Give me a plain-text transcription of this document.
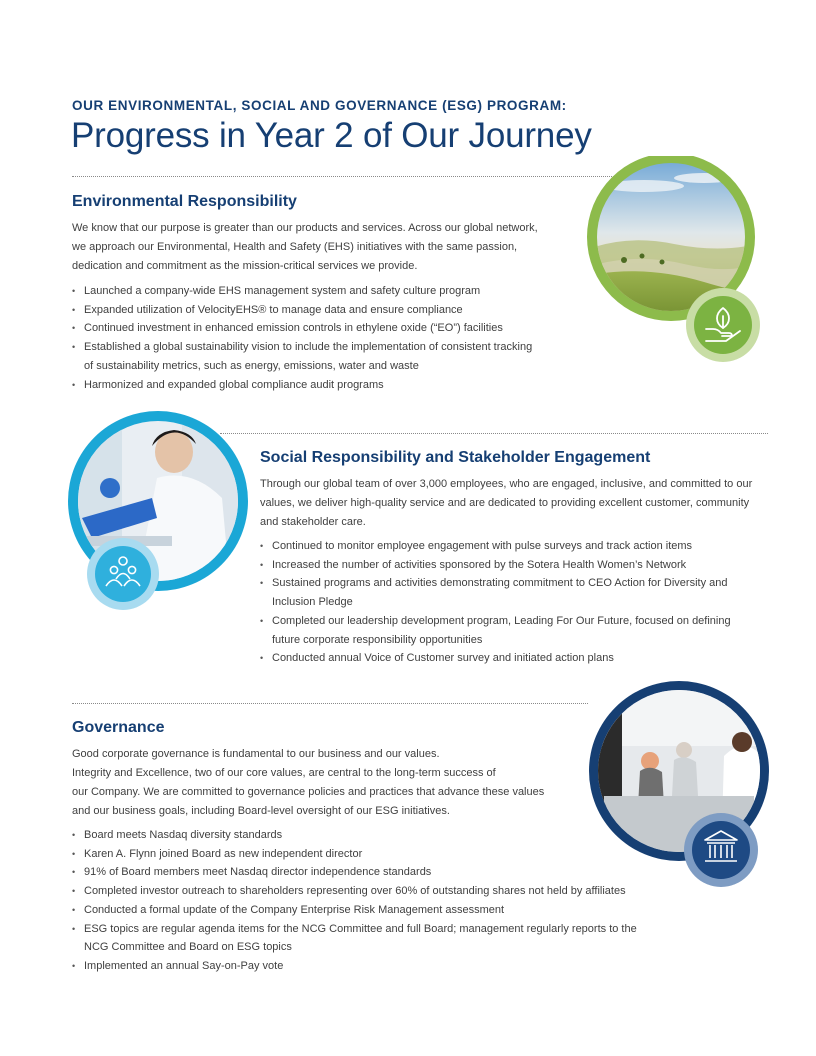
OUR ENVIRONMENTAL, SOCIAL AND GOVERNANCE (ESG) PROGRAM:
Progress in Year 2 of Our Journey
Environmental Responsibility

We know that our purpose is greater than our products and services. Across our global network,
we approach our Environmental, Health and Safety (EHS) initiatives with the same passion,
dedication and commitment as the mission-critical services we provide.

• Launched a company-wide EHS management system and safety culture program
• Expanded utilization of VelocityEHS® to manage data and ensure compliance
• Continued investment in enhanced emission controls in ethylene oxide (“EO”) facilities
• Established a global sustainability vision to include the implementation of consistent tracking
of sustainability metrics, such as energy, emissions, water and waste
• Harmonized and expanded global compliance audit programs
Social Responsibility and Stakeholder Engagement

Through our global team of over 3,000 employees, who are engaged, inclusive, and committed to our
values, we deliver high-quality service and are dedicated to providing excellent customer, community
and stakeholder care.

• Continued to monitor employee engagement with pulse surveys and track action items
• Increased the number of activities sponsored by the Sotera Health Women’s Network
• Sustained programs and activities demonstrating commitment to CEO Action for Diversity and
Inclusion Pledge
• Completed our leadership development program, Leading For Our Future, focused on defining
future corporate responsibility opportunities
• Conducted annual Voice of Customer survey and initiated action plans
Governance

Good corporate governance is fundamental to our business and our values.
Integrity and Excellence, two of our core values, are central to the long-term success of
our Company. We are committed to governance policies and practices that advance these values
and our business goals, including Board-level oversight of our ESG initiatives.

• Board meets Nasdaq diversity standards
• Karen A. Flynn joined Board as new independent director
• 91% of Board members meet Nasdaq director independence standards
• Completed investor outreach to shareholders representing over 60% of outstanding shares not held by affiliates
• Conducted a formal update of the Company Enterprise Risk Management assessment
• ESG topics are regular agenda items for the NCG Committee and full Board; management regularly reports to the
NCG Committee and Board on ESG topics
• Implemented an annual Say-on-Pay vote
